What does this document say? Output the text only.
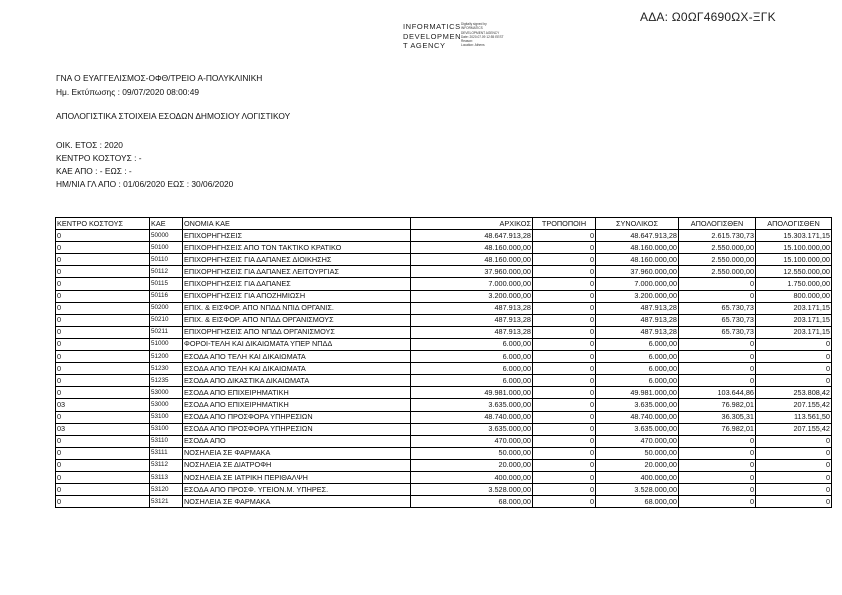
ΑΔΑ: Ω0ΩΓ4690ΩΧ-ΞΓΚ
INFORMATICS
DEVELOPMEN
T AGENCY
Digitally signed by
INFORMATICS
DEVELOPMENT AGENCY
Date: 2020.07.09 12:55 EEST
Reason:
Location: Athens
ΓΝΑ Ο ΕΥΑΓΓΕΛΙΣΜΟΣ-ΟΦΘ/ΤΡΕΙΟ Α-ΠΟΛΥΚΛΙΝΙΚΗ
Ημ. Εκτύπωσης : 09/07/2020 08:00:49
ΑΠΟΛΟΓΙΣΤΙΚΑ ΣΤΟΙΧΕΙΑ ΕΣΟΔΩΝ ΔΗΜΟΣΙΟΥ ΛΟΓΙΣΤΙΚΟΥ
ΟΙΚ. ΕΤΟΣ : 2020
ΚΕΝΤΡΟ ΚΟΣΤΟΥΣ : -
ΚΑΕ ΑΠΟ : - ΕΩΣ : -
ΗΜ/ΝΙΑ ΓΛ ΑΠΟ : 01/06/2020 ΕΩΣ : 30/06/2020
ΚΕΝΤΡΟ ΚΟΣΤΟΥΣ	ΚΑΕ	ΟΝΟΜΙΑ ΚΑΕ	ΑΡΧΙΚΟΣ	ΤΡΟΠΟΠΟΙΗ	ΣΥΝΟΛΙΚΟΣ	ΑΠΟΛΟΓΙΣΘΕΝ	ΑΠΟΛΟΓΙΣΘΕΝ
0	50000	ΕΠΙΧΟΡΗΓΗΣΕΙΣ	48.647.913,28	0	48.647.913,28	2.615.730,73	15.303.171,15
0	50100	ΕΠΙΧΟΡΗΓΗΣΕΙΣ ΑΠΟ ΤΟΝ ΤΑΚΤΙΚΟ ΚΡΑΤΙΚΟ	48.160.000,00	0	48.160.000,00	2.550.000,00	15.100.000,00
0	50110	ΕΠΙΧΟΡΗΓΗΣΕΙΣ ΓΙΑ ΔΑΠΑΝΕΣ ΔΙΟΙΚΗΣΗΣ	48.160.000,00	0	48.160.000,00	2.550.000,00	15.100.000,00
0	50112	ΕΠΙΧΟΡΗΓΗΣΕΙΣ ΓΙΑ ΔΑΠΑΝΕΣ ΛΕΙΤΟΥΡΓΙΑΣ	37.960.000,00	0	37.960.000,00	2.550.000,00	12.550.000,00
0	50115	ΕΠΙΧΟΡΗΓΗΣΕΙΣ ΓΙΑ ΔΑΠΑΝΕΣ	7.000.000,00	0	7.000.000,00	0	1.750.000,00
0	50116	ΕΠΙΧΟΡΗΓΗΣΕΙΣ ΓΙΑ ΑΠΟΖΗΜΙΩΣΗ	3.200.000,00	0	3.200.000,00	0	800.000,00
0	50200	ΕΠΙΧ. & ΕΙΣΦΟΡ. ΑΠΟ ΝΠΔΔ ΝΠΙΔ ΟΡΓΑΝΙΣ.	487.913,28	0	487.913,28	65.730,73	203.171,15
0	50210	ΕΠΙΧ. & ΕΙΣΦΟΡ. ΑΠΟ ΝΠΔΔ ΟΡΓΑΝΙΣΜΟΥΣ	487.913,28	0	487.913,28	65.730,73	203.171,15
0	50211	ΕΠΙΧΟΡΗΓΗΣΕΙΣ ΑΠΟ ΝΠΔΔ ΟΡΓΑΝΙΣΜΟΥΣ	487.913,28	0	487.913,28	65.730,73	203.171,15
0	51000	ΦΟΡΟΙ-ΤΕΛΗ ΚΑΙ ΔΙΚΑΙΩΜΑΤΑ ΥΠΕΡ ΝΠΔΔ	6.000,00	0	6.000,00	0	0
0	51200	ΕΣΟΔΑ ΑΠΟ ΤΕΛΗ ΚΑΙ ΔΙΚΑΙΩΜΑΤΑ	6.000,00	0	6.000,00	0	0
0	51230	ΕΣΟΔΑ ΑΠΟ ΤΕΛΗ ΚΑΙ ΔΙΚΑΙΩΜΑΤΑ	6.000,00	0	6.000,00	0	0
0	51235	ΕΣΟΔΑ ΑΠΟ ΔΙΚΑΣΤΙΚΑ ΔΙΚΑΙΩΜΑΤΑ	6.000,00	0	6.000,00	0	0
0	53000	ΕΣΟΔΑ ΑΠΟ ΕΠΙΧΕΙΡΗΜΑΤΙΚΗ	49.981.000,00	0	49.981.000,00	103.644,86	253.808,42
03	53000	ΕΣΟΔΑ ΑΠΟ ΕΠΙΧΕΙΡΗΜΑΤΙΚΗ	3.635.000,00	0	3.635.000,00	76.982,01	207.155,42
0	53100	ΕΣΟΔΑ ΑΠΟ ΠΡΟΣΦΟΡΑ ΥΠΗΡΕΣΙΩΝ	48.740.000,00	0	48.740.000,00	36.305,31	113.561,50
03	53100	ΕΣΟΔΑ ΑΠΟ ΠΡΟΣΦΟΡΑ ΥΠΗΡΕΣΙΩΝ	3.635.000,00	0	3.635.000,00	76.982,01	207.155,42
0	53110	ΕΣΟΔΑ ΑΠΟ	470.000,00	0	470.000,00	0	0
0	53111	ΝΟΣΗΛΕΙΑ ΣΕ ΦΑΡΜΑΚΑ	50.000,00	0	50.000,00	0	0
0	53112	ΝΟΣΗΛΕΙΑ ΣΕ ΔΙΑΤΡΟΦΗ	20.000,00	0	20.000,00	0	0
0	53113	ΝΟΣΗΛΕΙΑ ΣΕ ΙΑΤΡΙΚΗ ΠΕΡΙΘΑΛΨΗ	400.000,00	0	400.000,00	0	0
0	53120	ΕΣΟΔΑ ΑΠΟ ΠΡΟΣΦ. ΥΓΕΙΟΝ.Μ. ΥΠΗΡΕΣ.	3.528.000,00	0	3.528.000,00	0	0
0	53121	ΝΟΣΗΛΕΙΑ ΣΕ ΦΑΡΜΑΚΑ	68.000,00	0	68.000,00	0	0
